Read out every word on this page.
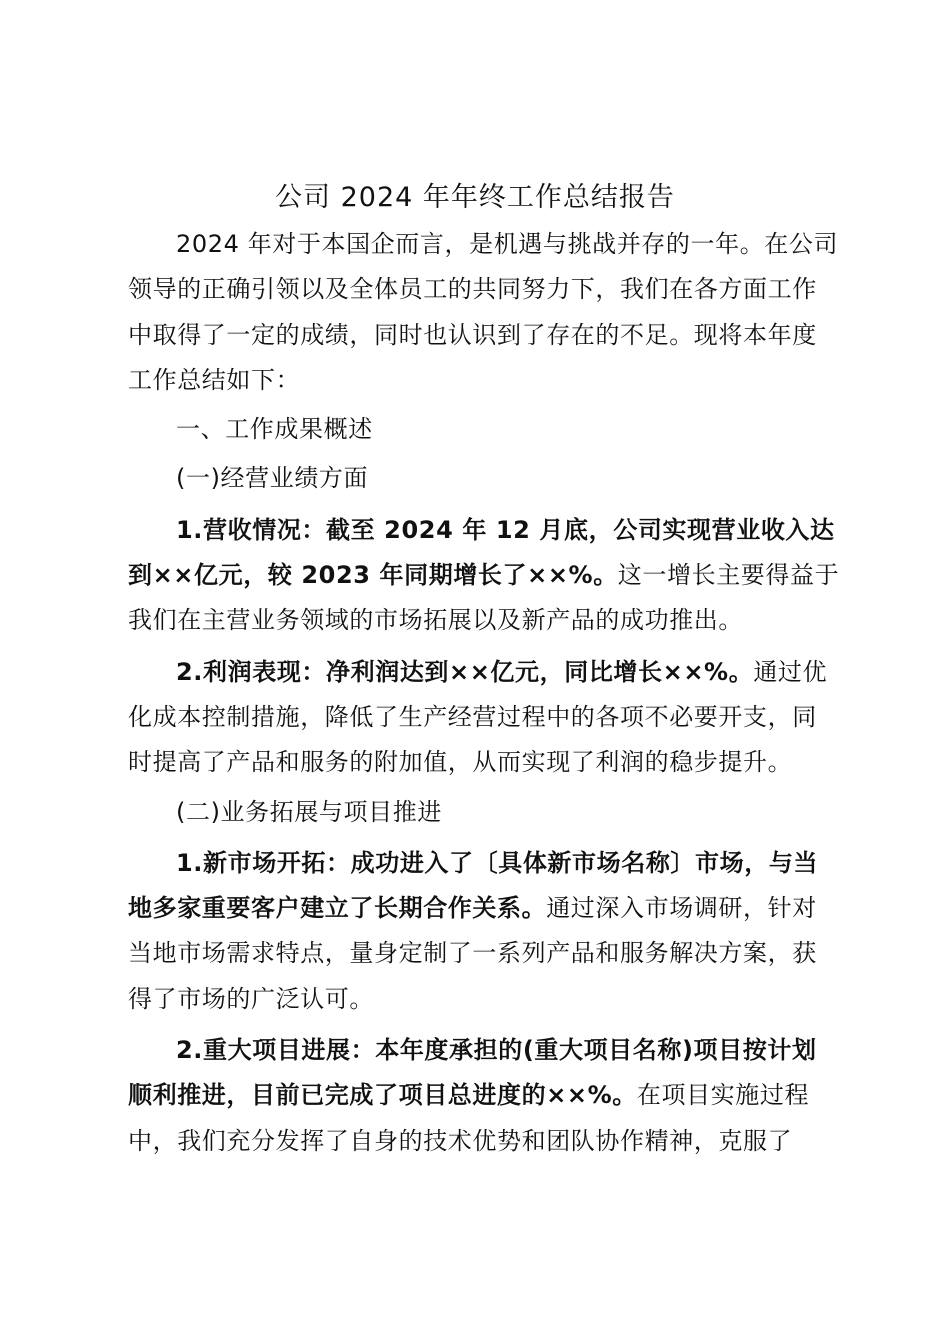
公司 2024 年年终工作总结报告

2024 年对于本国企而言，是机遇与挑战并存的一年。在公司领导的正确引领以及全体员工的共同努力下，我们在各方面工作中取得了一定的成绩，同时也认识到了存在的不足。现将本年度工作总结如下：

一、工作成果概述

(一)经营业绩方面

1.营收情况：截至 2024 年 12 月底，公司实现营业收入达到××亿元，较 2023 年同期增长了××%。这一增长主要得益于我们在主营业务领域的市场拓展以及新产品的成功推出。

2.利润表现：净利润达到××亿元，同比增长××%。通过优化成本控制措施，降低了生产经营过程中的各项不必要开支，同时提高了产品和服务的附加值，从而实现了利润的稳步提升。

(二)业务拓展与项目推进

1.新市场开拓：成功进入了〔具体新市场名称〕市场，与当地多家重要客户建立了长期合作关系。通过深入市场调研，针对当地市场需求特点，量身定制了一系列产品和服务解决方案，获得了市场的广泛认可。

2.重大项目进展：本年度承担的(重大项目名称)项目按计划顺利推进，目前已完成了项目总进度的××%。在项目实施过程中，我们充分发挥了自身的技术优势和团队协作精神，克服了
